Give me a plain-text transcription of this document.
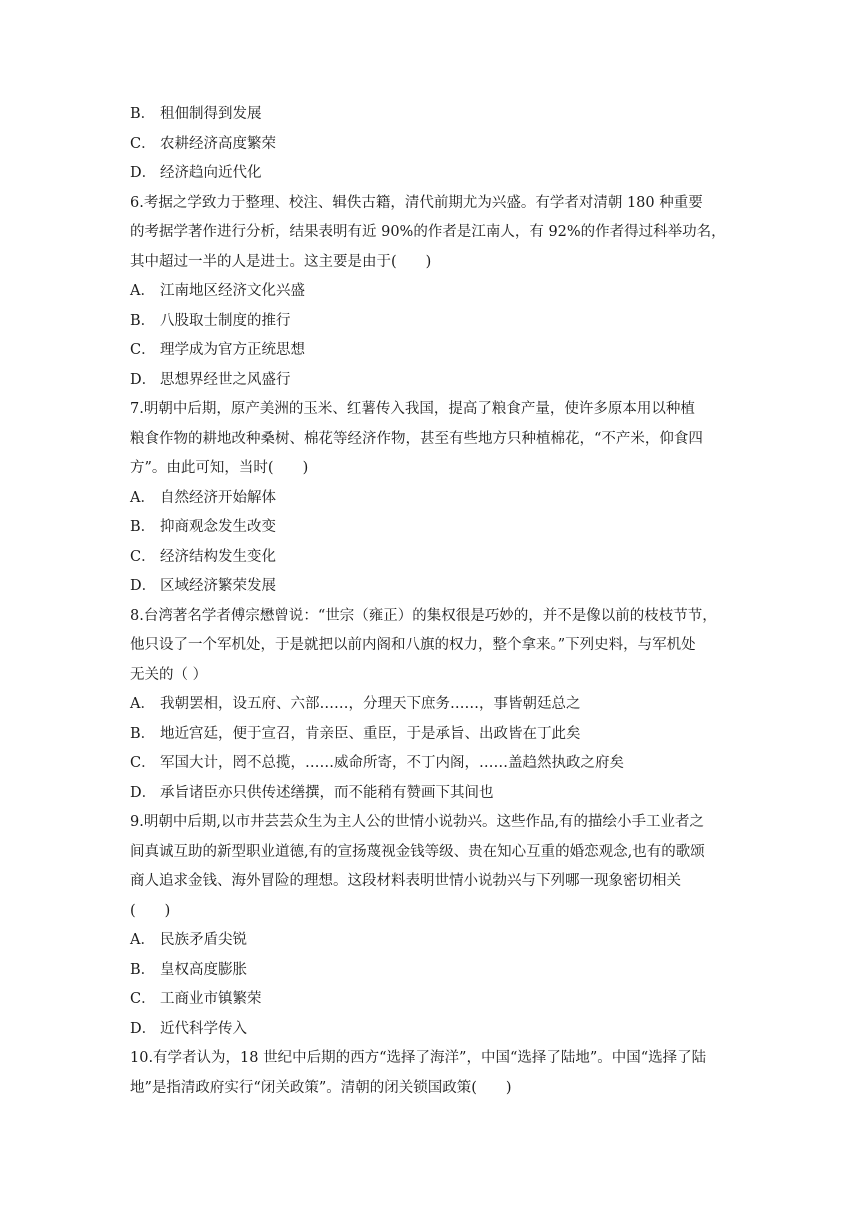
B． 租佃制得到发展
C． 农耕经济高度繁荣
D． 经济趋向近代化
6.考据之学致力于整理、校注、辑佚古籍，清代前期尤为兴盛。有学者对清朝 180 种重要
的考据学著作进行分析，结果表明有近 90%的作者是江南人，有 92%的作者得过科举功名，
其中超过一半的人是进士。这主要是由于(　　)
A． 江南地区经济文化兴盛
B． 八股取士制度的推行
C． 理学成为官方正统思想
D． 思想界经世之风盛行
7.明朝中后期，原产美洲的玉米、红薯传入我国，提高了粮食产量，使许多原本用以种植
粮食作物的耕地改种桑树、棉花等经济作物，甚至有些地方只种植棉花，“不产米，仰食四
方”。由此可知，当时(　　)
A． 自然经济开始解体
B． 抑商观念发生改变
C． 经济结构发生变化
D． 区域经济繁荣发展
8.台湾著名学者傅宗懋曾说：“世宗（雍正）的集权很是巧妙的，并不是像以前的枝枝节节，
他只设了一个军机处，于是就把以前内阁和八旗的权力，整个拿来。”下列史料，与军机处
无关的（ ）
A． 我朝罢相，设五府、六部……，分理天下庶务……，事皆朝廷总之
B． 地近宫廷，便于宣召，肯亲臣、重臣，于是承旨、出政皆在丁此矣
C． 军国大计，罔不总揽，……威命所寄，不丁内阁，……盖趋然执政之府矣
D． 承旨诸臣亦只供传述缮撰，而不能稍有赞画下其间也
9.明朝中后期,以市井芸芸众生为主人公的世情小说勃兴。这些作品,有的描绘小手工业者之
间真诚互助的新型职业道德,有的宣扬蔑视金钱等级、贵在知心互重的婚恋观念,也有的歌颂
商人追求金钱、海外冒险的理想。这段材料表明世情小说勃兴与下列哪一现象密切相关
(　　)
A． 民族矛盾尖锐
B． 皇权高度膨胀
C． 工商业市镇繁荣
D． 近代科学传入
10.有学者认为，18 世纪中后期的西方“选择了海洋”，中国“选择了陆地”。中国“选择了陆
地”是指清政府实行“闭关政策”。清朝的闭关锁国政策(　　)
